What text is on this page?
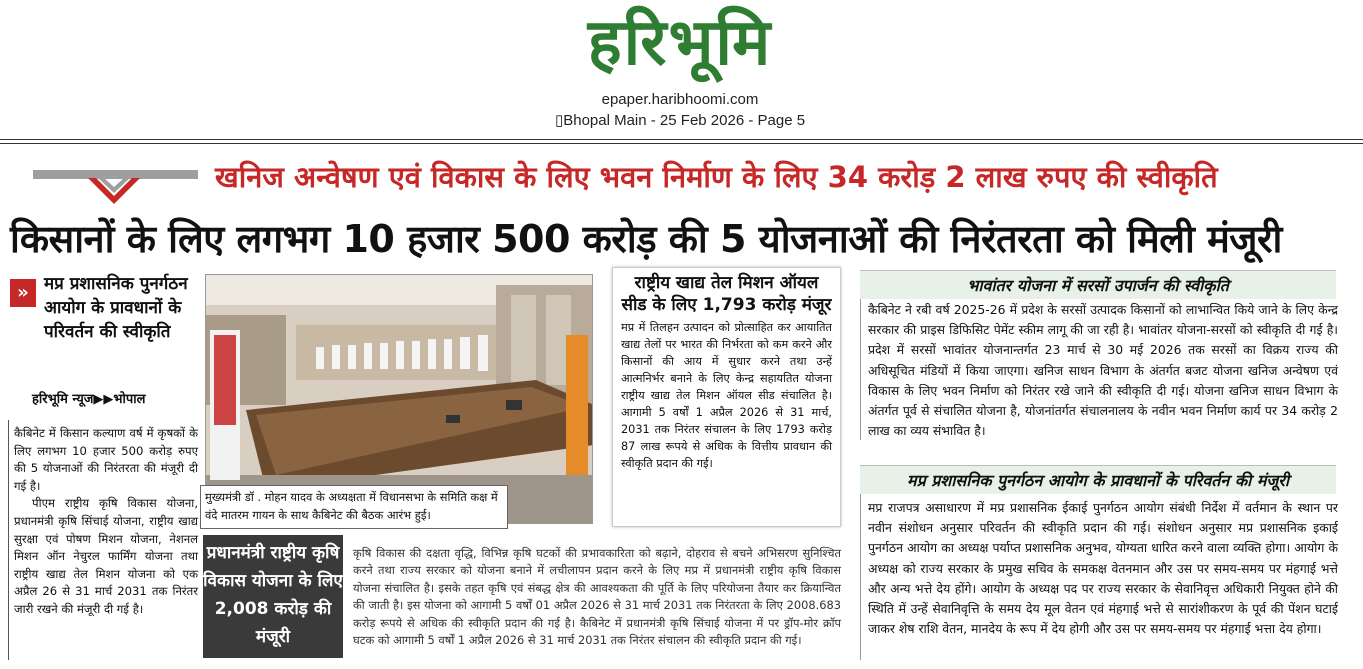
हरिभूमि
epaper.haribhoomi.com
▯Bhopal Main - 25 Feb 2026 - Page 5
खनिज अन्वेषण एवं विकास के लिए भवन निर्माण के लिए 34 करोड़ 2 लाख रुपए की स्वीकृति
किसानों के लिए लगभग 10 हजार 500 करोड़ की 5 योजनाओं की निरंतरता को मिली मंजूरी
» मप्र प्रशासनिक पुनर्गठन आयोग के प्रावधानों के परिवर्तन की स्वीकृति
हरिभूमि न्यूज▶▶भोपाल

कैबिनेट में किसान कल्याण वर्ष में कृषकों के लिए लगभग 10 हजार 500 करोड़ रुपए की 5 योजनाओं की निरंतरता की मंजूरी दी गई है।

पीएम राष्ट्रीय कृषि विकास योजना, प्रधानमंत्री कृषि सिंचाई योजना, राष्ट्रीय खाद्य सुरक्षा एवं पोषण मिशन योजना, नेशनल मिशन ऑन नेचुरल फार्मिंग योजना तथा राष्ट्रीय खाद्य तेल मिशन योजना को एक अप्रैल 26 से 31 मार्च 2031 तक निरंतर जारी रखने की मंजूरी दी गई है।

मुख्यमंत्री डॉ . मोहन यादव के अध्यक्षता में विधानसभा के समिति कक्ष में वंदे मातरम गायन के साथ कैबिनेट की बैठक आरंभ हुई।
राष्ट्रीय खाद्य तेल मिशन ऑयल सीड के लिए 1,793 करोड़ मंजूर
मप्र में तिलहन उत्पादन को प्रोत्साहित कर आयातित खाद्य तेलों पर भारत की निर्भरता को कम करने और किसानों की आय में सुधार करने तथा उन्हें आत्मनिर्भर बनाने के लिए केन्द्र सहायतित योजना राष्ट्रीय खाद्य तेल मिशन ऑयल सीड संचालित है। आगामी 5 वर्षों 1 अप्रैल 2026 से 31 मार्च, 2031 तक निरंतर संचालन के लिए 1793 करोड़ 87 लाख रूपये से अधिक के वित्तीय प्रावधान की स्वीकृति प्रदान की गई।
प्रधानमंत्री राष्ट्रीय कृषि विकास योजना के लिए 2,008 करोड़ की मंजूरी
कृषि विकास की दक्षता वृद्धि, विभिन्न कृषि घटकों की प्रभावकारिता को बढ़ाने, दोहराव से बचने अभिसरण सुनिश्चित करने तथा राज्य सरकार को योजना बनाने में लचीलापन प्रदान करने के लिए मप्र में प्रधानमंत्री राष्ट्रीय कृषि विकास योजना संचालित है। इसके तहत कृषि एवं संबद्ध क्षेत्र की आवश्यकता की पूर्ति के लिए परियोजना तैयार कर क्रियान्वित की जाती है। इस योजना को आगामी 5 वर्षों 01 अप्रैल 2026 से 31 मार्च 2031 तक निरंतरता के लिए 2008.683 करोड़ रूपये से अधिक की स्वीकृति प्रदान की गई है। कैबिनेट में प्रधानमंत्री कृषि सिंचाई योजना में पर ड्रॉप-मोर क्रॉप घटक को आगामी 5 वर्षों 1 अप्रैल 2026 से 31 मार्च 2031 तक निरंतर संचालन की स्वीकृति प्रदान की गई।
भावांतर योजना में सरसों उपार्जन की स्वीकृति
कैबिनेट ने रबी वर्ष 2025-26 में प्रदेश के सरसों उत्पादक किसानों को लाभान्वित किये जाने के लिए केन्द्र सरकार की प्राइस डिफिसिट पेमेंट स्कीम लागू की जा रही है। भावांतर योजना-सरसों को स्वीकृति दी गई है। प्रदेश में सरसों भावांतर योजनान्तर्गत 23 मार्च से 30 मई 2026 तक सरसों का विक्रय राज्य की अधिसूचित मंडियों में किया जाएगा। खनिज साधन विभाग के अंतर्गत बजट योजना खनिज अन्वेषण एवं विकास के लिए भवन निर्माण को निरंतर रखे जाने की स्वीकृति दी गई। योजना खनिज साधन विभाग के अंतर्गत पूर्व से संचालित योजना है, योजनांतर्गत संचालनालय के नवीन भवन निर्माण कार्य पर 34 करोड़ 2 लाख का व्यय संभावित है।
मप्र प्रशासनिक पुनर्गठन आयोग के प्रावधानों के परिवर्तन की मंजूरी
मप्र राजपत्र असाधारण में मप्र प्रशासनिक ईकाई पुनर्गठन आयोग संबंधी निर्देश में वर्तमान के स्थान पर नवीन संशोधन अनुसार परिवर्तन की स्वीकृति प्रदान की गई। संशोधन अनुसार मप्र प्रशासनिक इकाई पुनर्गठन आयोग का अध्यक्ष पर्याप्त प्रशासनिक अनुभव, योग्यता धारित करने वाला व्यक्ति होगा। आयोग के अध्यक्ष को राज्य सरकार के प्रमुख सचिव के समकक्ष वेतनमान और उस पर समय-समय पर मंहगाई भत्ते और अन्य भत्ते देय होंगे। आयोग के अध्यक्ष पद पर राज्य सरकार के सेवानिवृत्त अधिकारी नियुक्त होने की स्थिति में उन्हें सेवानिवृत्ति के समय देय मूल वेतन एवं मंहगाई भत्ते से सारांशीकरण के पूर्व की पेंशन घटाई जाकर शेष राशि वेतन, मानदेय के रूप में देय होगी और उस पर समय-समय पर मंहगाई भत्ता देय होगा।
